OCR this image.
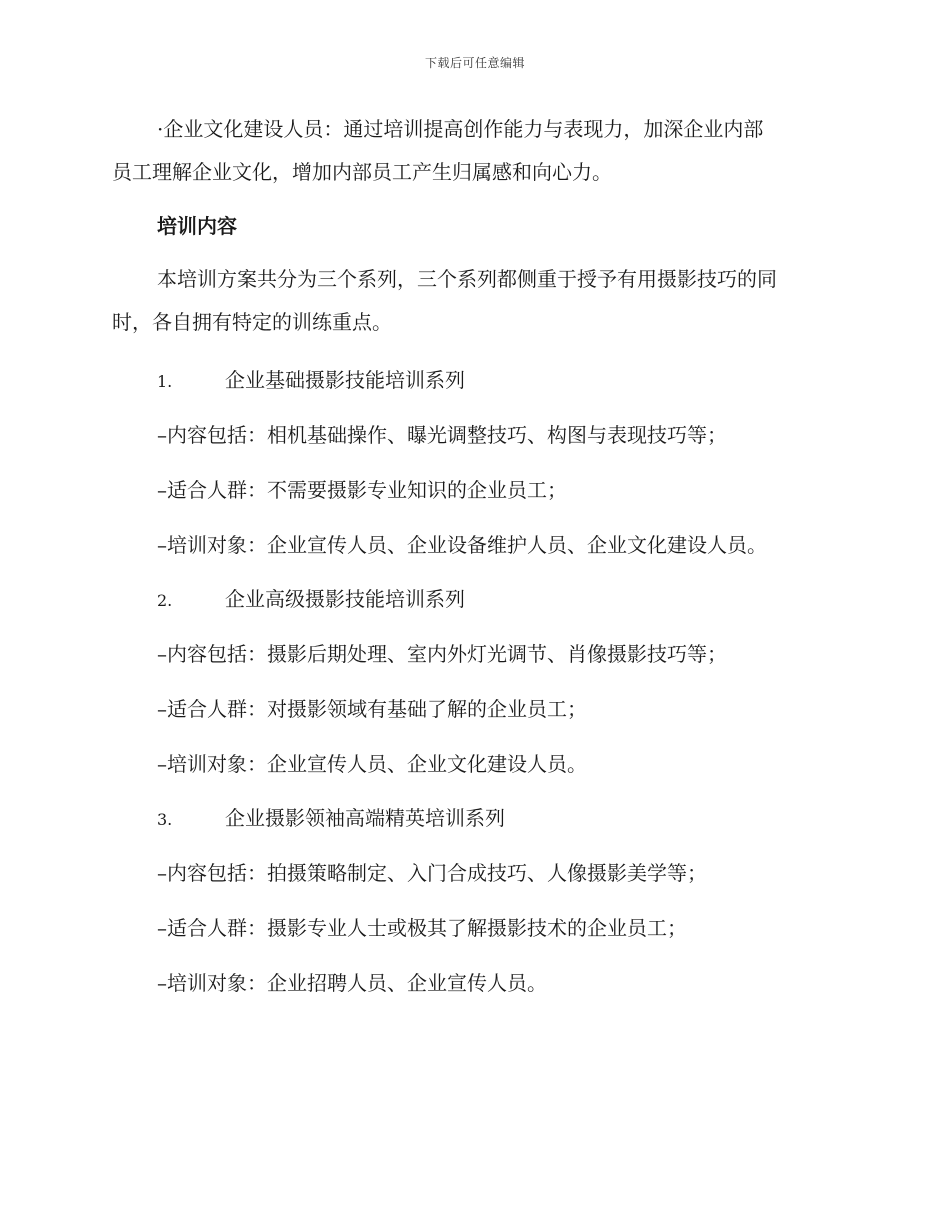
下载后可任意编辑
·企业文化建设人员：通过培训提高创作能力与表现力，加深企业内部
员工理解企业文化，增加内部员工产生归属感和向心力。
培训内容
本培训方案共分为三个系列，三个系列都侧重于授予有用摄影技巧的同
时，各自拥有特定的训练重点。
1.	企业基础摄影技能培训系列
–内容包括：相机基础操作、曝光调整技巧、构图与表现技巧等；
–适合人群：不需要摄影专业知识的企业员工；
–培训对象：企业宣传人员、企业设备维护人员、企业文化建设人员。
2.	企业高级摄影技能培训系列
–内容包括：摄影后期处理、室内外灯光调节、肖像摄影技巧等；
–适合人群：对摄影领域有基础了解的企业员工；
–培训对象：企业宣传人员、企业文化建设人员。
3.	企业摄影领袖高端精英培训系列
–内容包括：拍摄策略制定、入门合成技巧、人像摄影美学等；
–适合人群：摄影专业人士或极其了解摄影技术的企业员工；
–培训对象：企业招聘人员、企业宣传人员。
